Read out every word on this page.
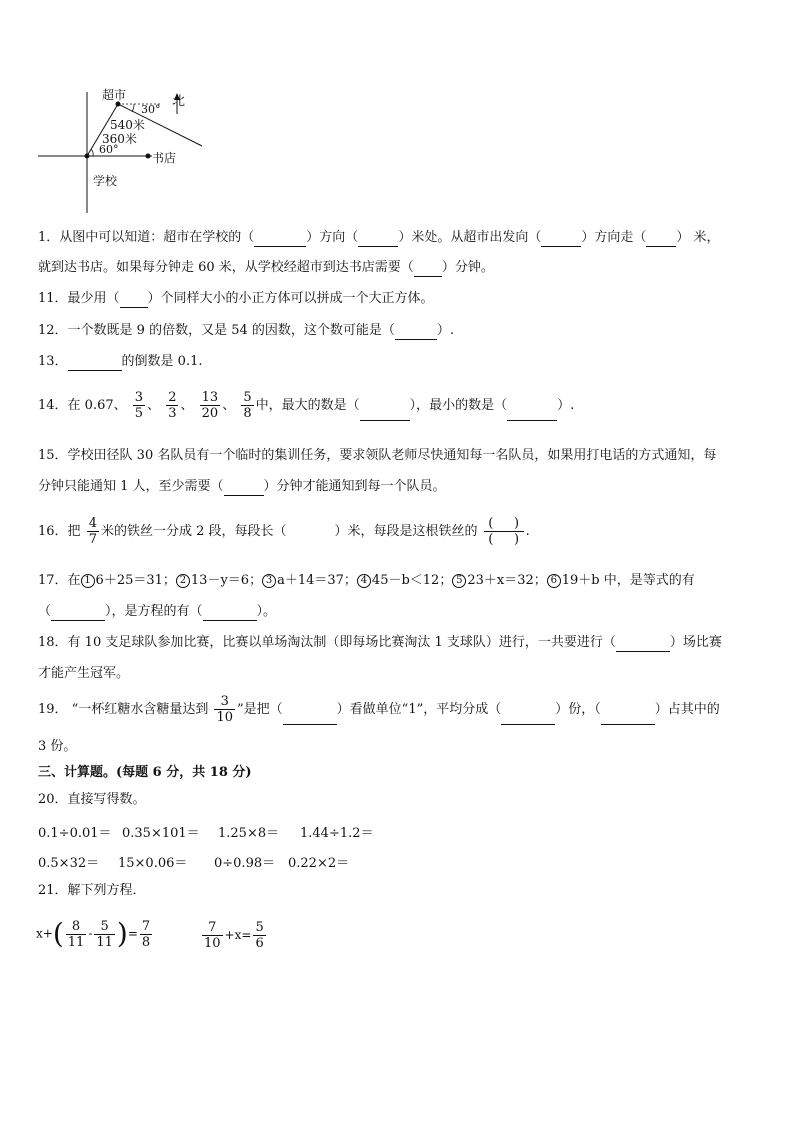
超市	北
30°
540米
360米
60°
书店
学校
1．从图中可以知道：超市在学校的（	）方向（	）米处。从超市出发向（	）方向走（ ） 米，
就到达书店。如果每分钟走 60 米，从学校经超市到达书店需要（ ）分钟。
11．最少用（ ）个同样大小的小正方体可以拼成一个大正方体。
12．一个数既是 9 的倍数，又是 54 的因数，这个数可能是（	）.
13．	的倒数是 0.1.
14．在 0.67、 $\frac{3}{5}$ 、 $\frac{2}{3}$ 、 $\frac{13}{20}$ 、 $\frac{5}{8}$ 中，最大的数是（	），最小的数是（	）.
15．学校田径队 30 名队员有一个临时的集训任务，要求领队老师尽快通知每一名队员，如果用打电话的方式通知，每
分钟只能通知 1 人，至少需要（	）分钟才能通知到每一个队员。
16．把 $\frac{4}{7}$ 米的铁丝一分成 2 段，每段长（	）米，每段是这根铁丝的 $\frac{( )}{( )}$ .
17．在 1 6＋25＝31； 2 13－y＝6； 3 a＋14＝37； 4 45－b＜12； 5 23＋x＝32； 6 19＋b 中，是等式的有
（	），是方程的有（	）。
18．有 10 支足球队参加比赛，比赛以单场淘汰制（即每场比赛淘汰 1 支球队）进行，一共要进行（	）场比赛
才能产生冠军。
19． “一杯红糖水含糖量达到 $\frac{3}{10}$ ”是把（	）看做单位“1”，平均分成（	）份，（	）占其中的
3 份。
三、计算题。(每题 6 分，共 18 分)
20．直接写得数。
0.1÷0.01＝ 0.35×101＝ 1.25×8＝ 1.44÷1.2＝
0.5×32＝ 15×0.06＝ 0÷0.98＝ 0.22×2＝
21．解下列方程．
$x+( \frac{8}{11} - \frac{5}{11}$ )= $\frac{7}{8}$	$\frac{7}{10} +x= \frac{5}{6}$
